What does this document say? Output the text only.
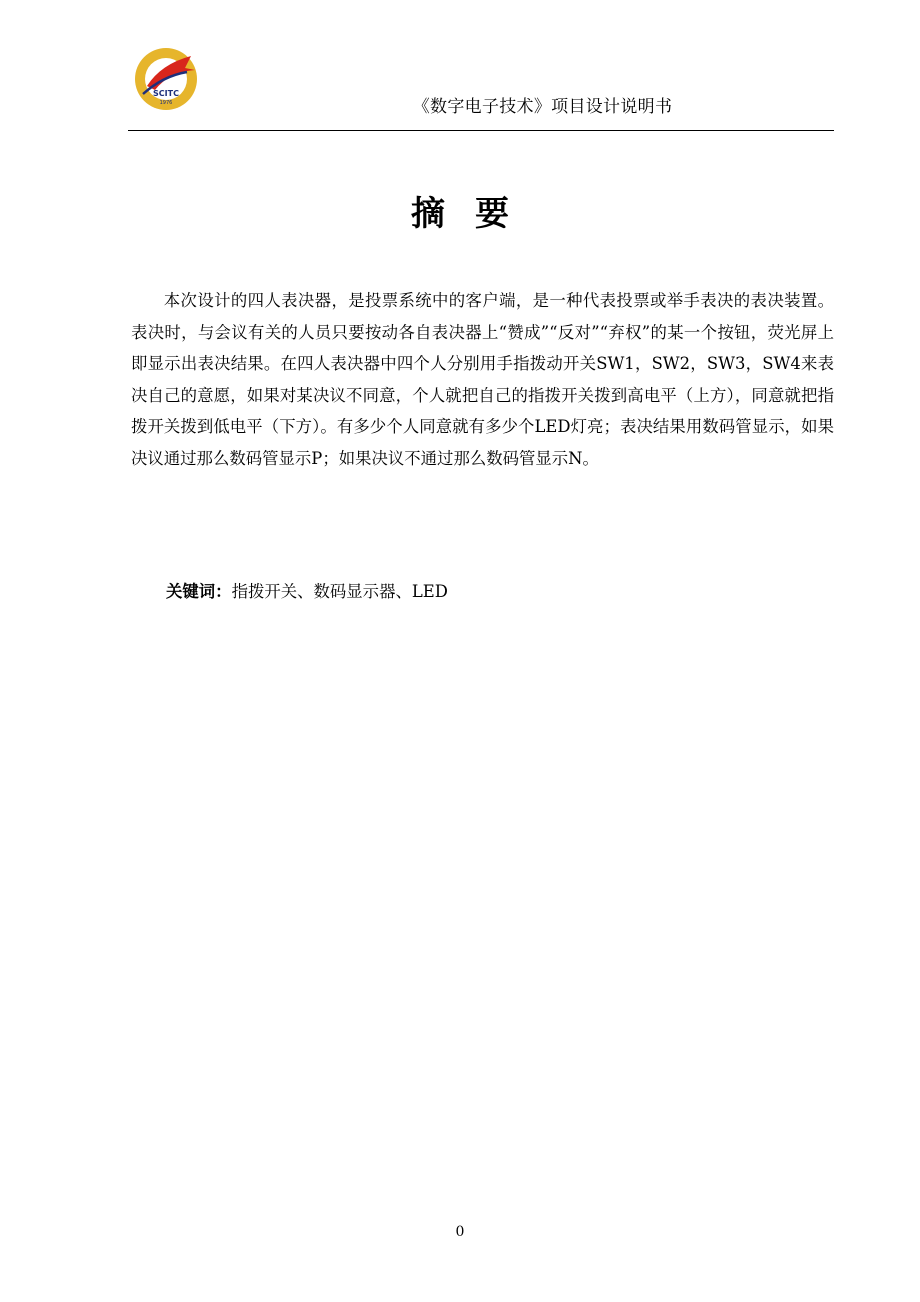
SCITC
1976	《数字电子技术》项目设计说明书
摘要

本次设计的四人表决器，是投票系统中的客户端，是一种代表投票或举手表决的表决装置。表决时，与会议有关的人员只要按动各自表决器上“赞成”“反对”“弃权”的某一个按钮，荧光屏上即显示出表决结果。在四人表决器中四个人分别用手指拨动开关SW1，SW2，SW3，SW4来表决自己的意愿，如果对某决议不同意，个人就把自己的指拨开关拨到高电平（上方），同意就把指拨开关拨到低电平（下方）。有多少个人同意就有多少个LED灯亮；表决结果用数码管显示，如果决议通过那么数码管显示P；如果决议不通过那么数码管显示N。

关键词：指拨开关、数码显示器、LED
0
